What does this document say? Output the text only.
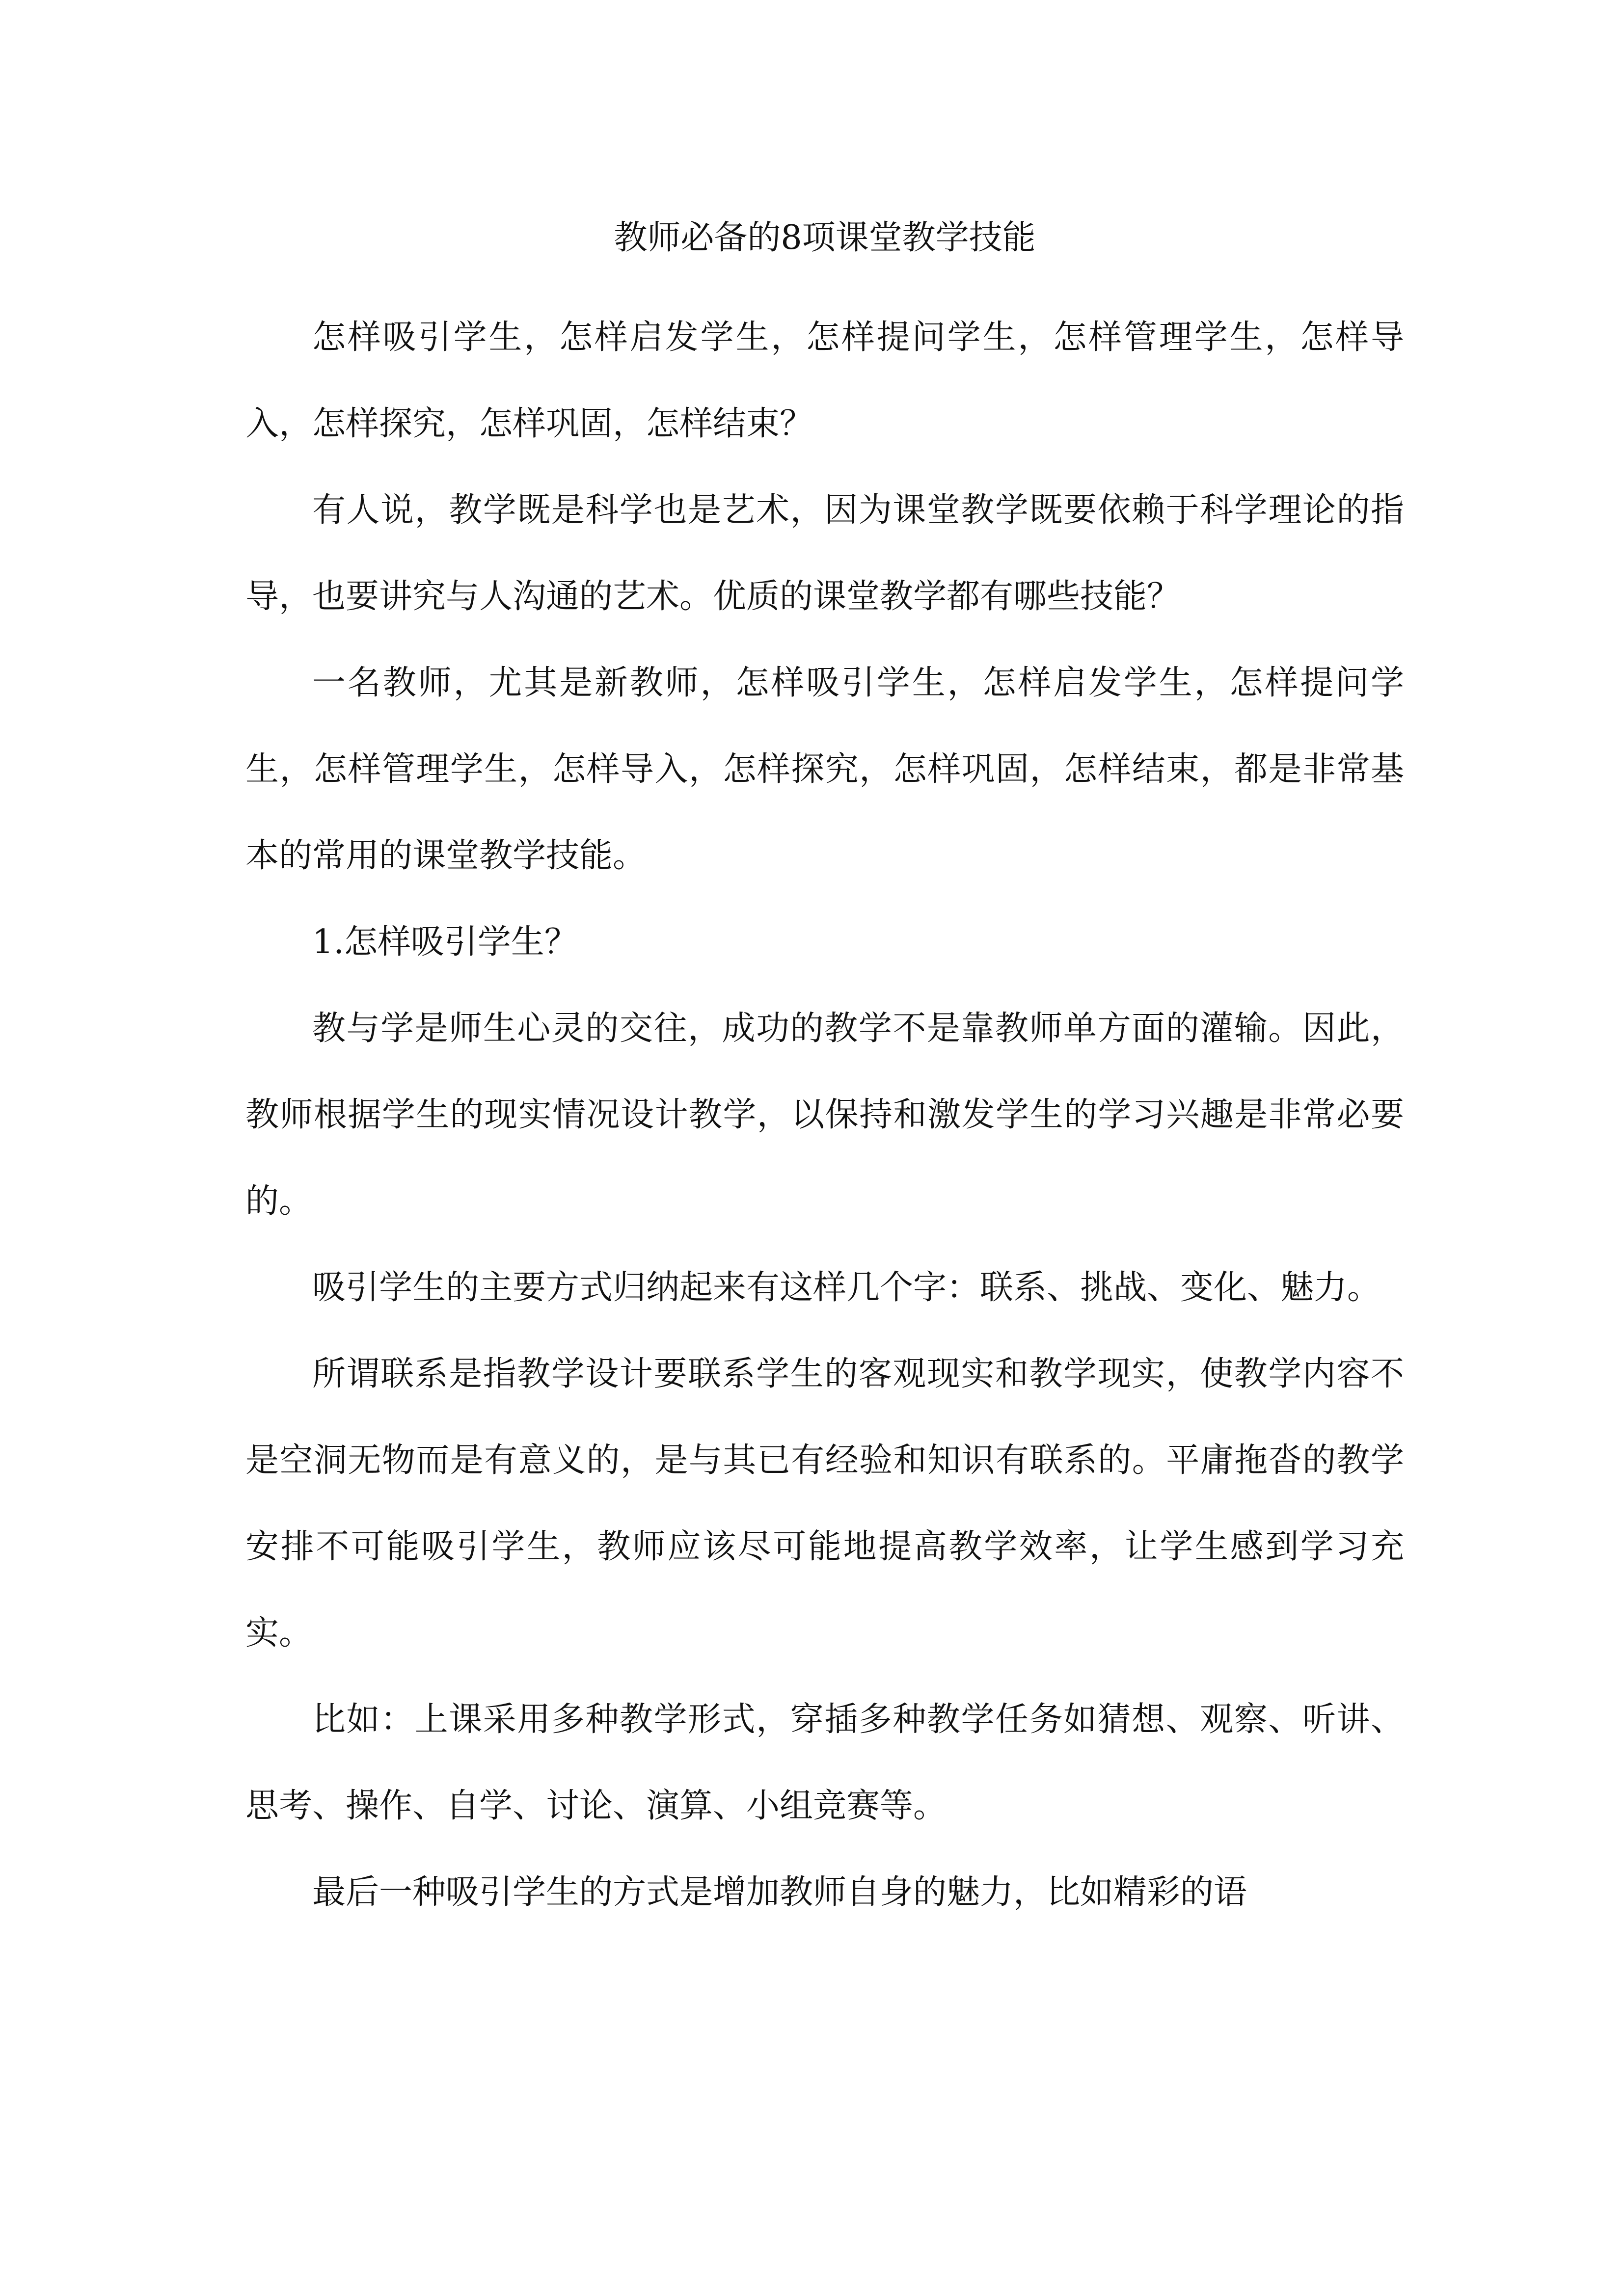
教师必备的8项课堂教学技能

怎样吸引学生，怎样启发学生，怎样提问学生，怎样管理学生，怎样导入，怎样探究，怎样巩固，怎样结束？

有人说，教学既是科学也是艺术，因为课堂教学既要依赖于科学理论的指导，也要讲究与人沟通的艺术。优质的课堂教学都有哪些技能？

一名教师，尤其是新教师，怎样吸引学生，怎样启发学生，怎样提问学生，怎样管理学生，怎样导入，怎样探究，怎样巩固，怎样结束，都是非常基本的常用的课堂教学技能。

1.怎样吸引学生？

教与学是师生心灵的交往，成功的教学不是靠教师单方面的灌输。因此，教师根据学生的现实情况设计教学，以保持和激发学生的学习兴趣是非常必要的。

吸引学生的主要方式归纳起来有这样几个字：联系、挑战、变化、魅力。

所谓联系是指教学设计要联系学生的客观现实和教学现实，使教学内容不是空洞无物而是有意义的，是与其已有经验和知识有联系的。平庸拖沓的教学安排不可能吸引学生，教师应该尽可能地提高教学效率，让学生感到学习充实。

比如：上课采用多种教学形式，穿插多种教学任务如猜想、观察、听讲、思考、操作、自学、讨论、演算、小组竞赛等。

最后一种吸引学生的方式是增加教师自身的魅力，比如精彩的语
